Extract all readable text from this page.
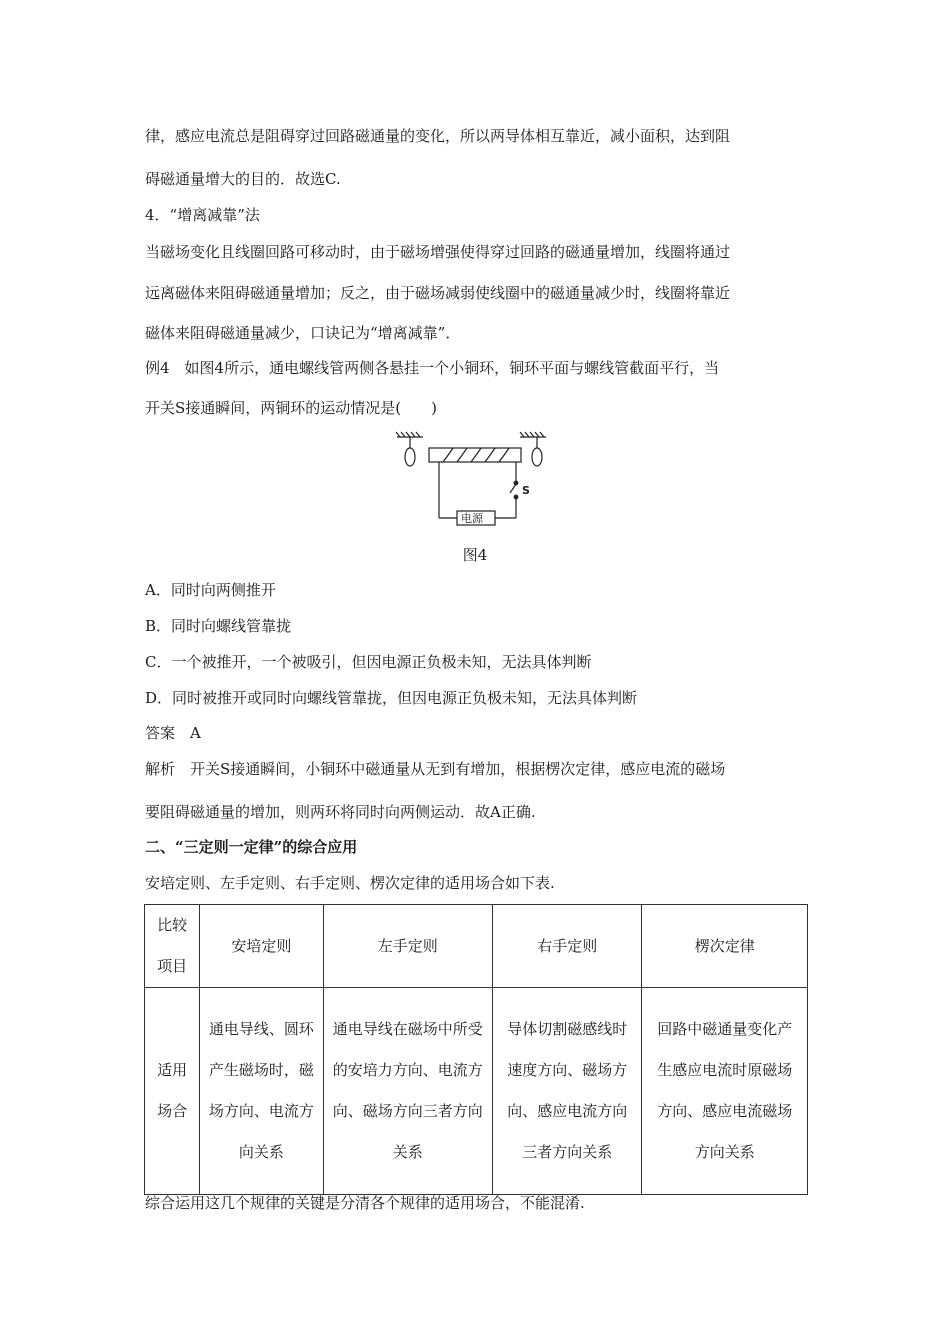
律，感应电流总是阻碍穿过回路磁通量的变化，所以两导体相互靠近，减小面积，达到阻
碍磁通量增大的目的．故选C.
4．“增离减靠”法
当磁场变化且线圈回路可移动时，由于磁场增强使得穿过回路的磁通量增加，线圈将通过
远离磁体来阻碍磁通量增加；反之，由于磁场减弱使线圈中的磁通量减少时，线圈将靠近
磁体来阻碍磁通量减少，口诀记为“增离减靠”．
例4　如图4所示，通电螺线管两侧各悬挂一个小铜环，铜环平面与螺线管截面平行，当
开关S接通瞬间，两铜环的运动情况是(　　)
S
电源
图4
A．同时向两侧推开
B．同时向螺线管靠拢
C．一个被推开，一个被吸引，但因电源正负极未知，无法具体判断
D．同时被推开或同时向螺线管靠拢，但因电源正负极未知，无法具体判断
答案　A
解析　开关S接通瞬间，小铜环中磁通量从无到有增加，根据楞次定律，感应电流的磁场
要阻碍磁通量的增加，则两环将同时向两侧运动．故A正确.
二、“三定则一定律”的综合应用
安培定则、左手定则、右手定则、楞次定律的适用场合如下表.
比较项目	安培定则	左手定则	右手定则	楞次定律
适用场合	通电导线、圆环产生磁场时，磁场方向、电流方向关系	通电导线在磁场中所受的安培力方向、电流方向、磁场方向三者方向关系	导体切割磁感线时速度方向、磁场方向、感应电流方向三者方向关系	回路中磁通量变化产生感应电流时原磁场方向、感应电流磁场方向关系
综合运用这几个规律的关键是分清各个规律的适用场合，不能混淆.
